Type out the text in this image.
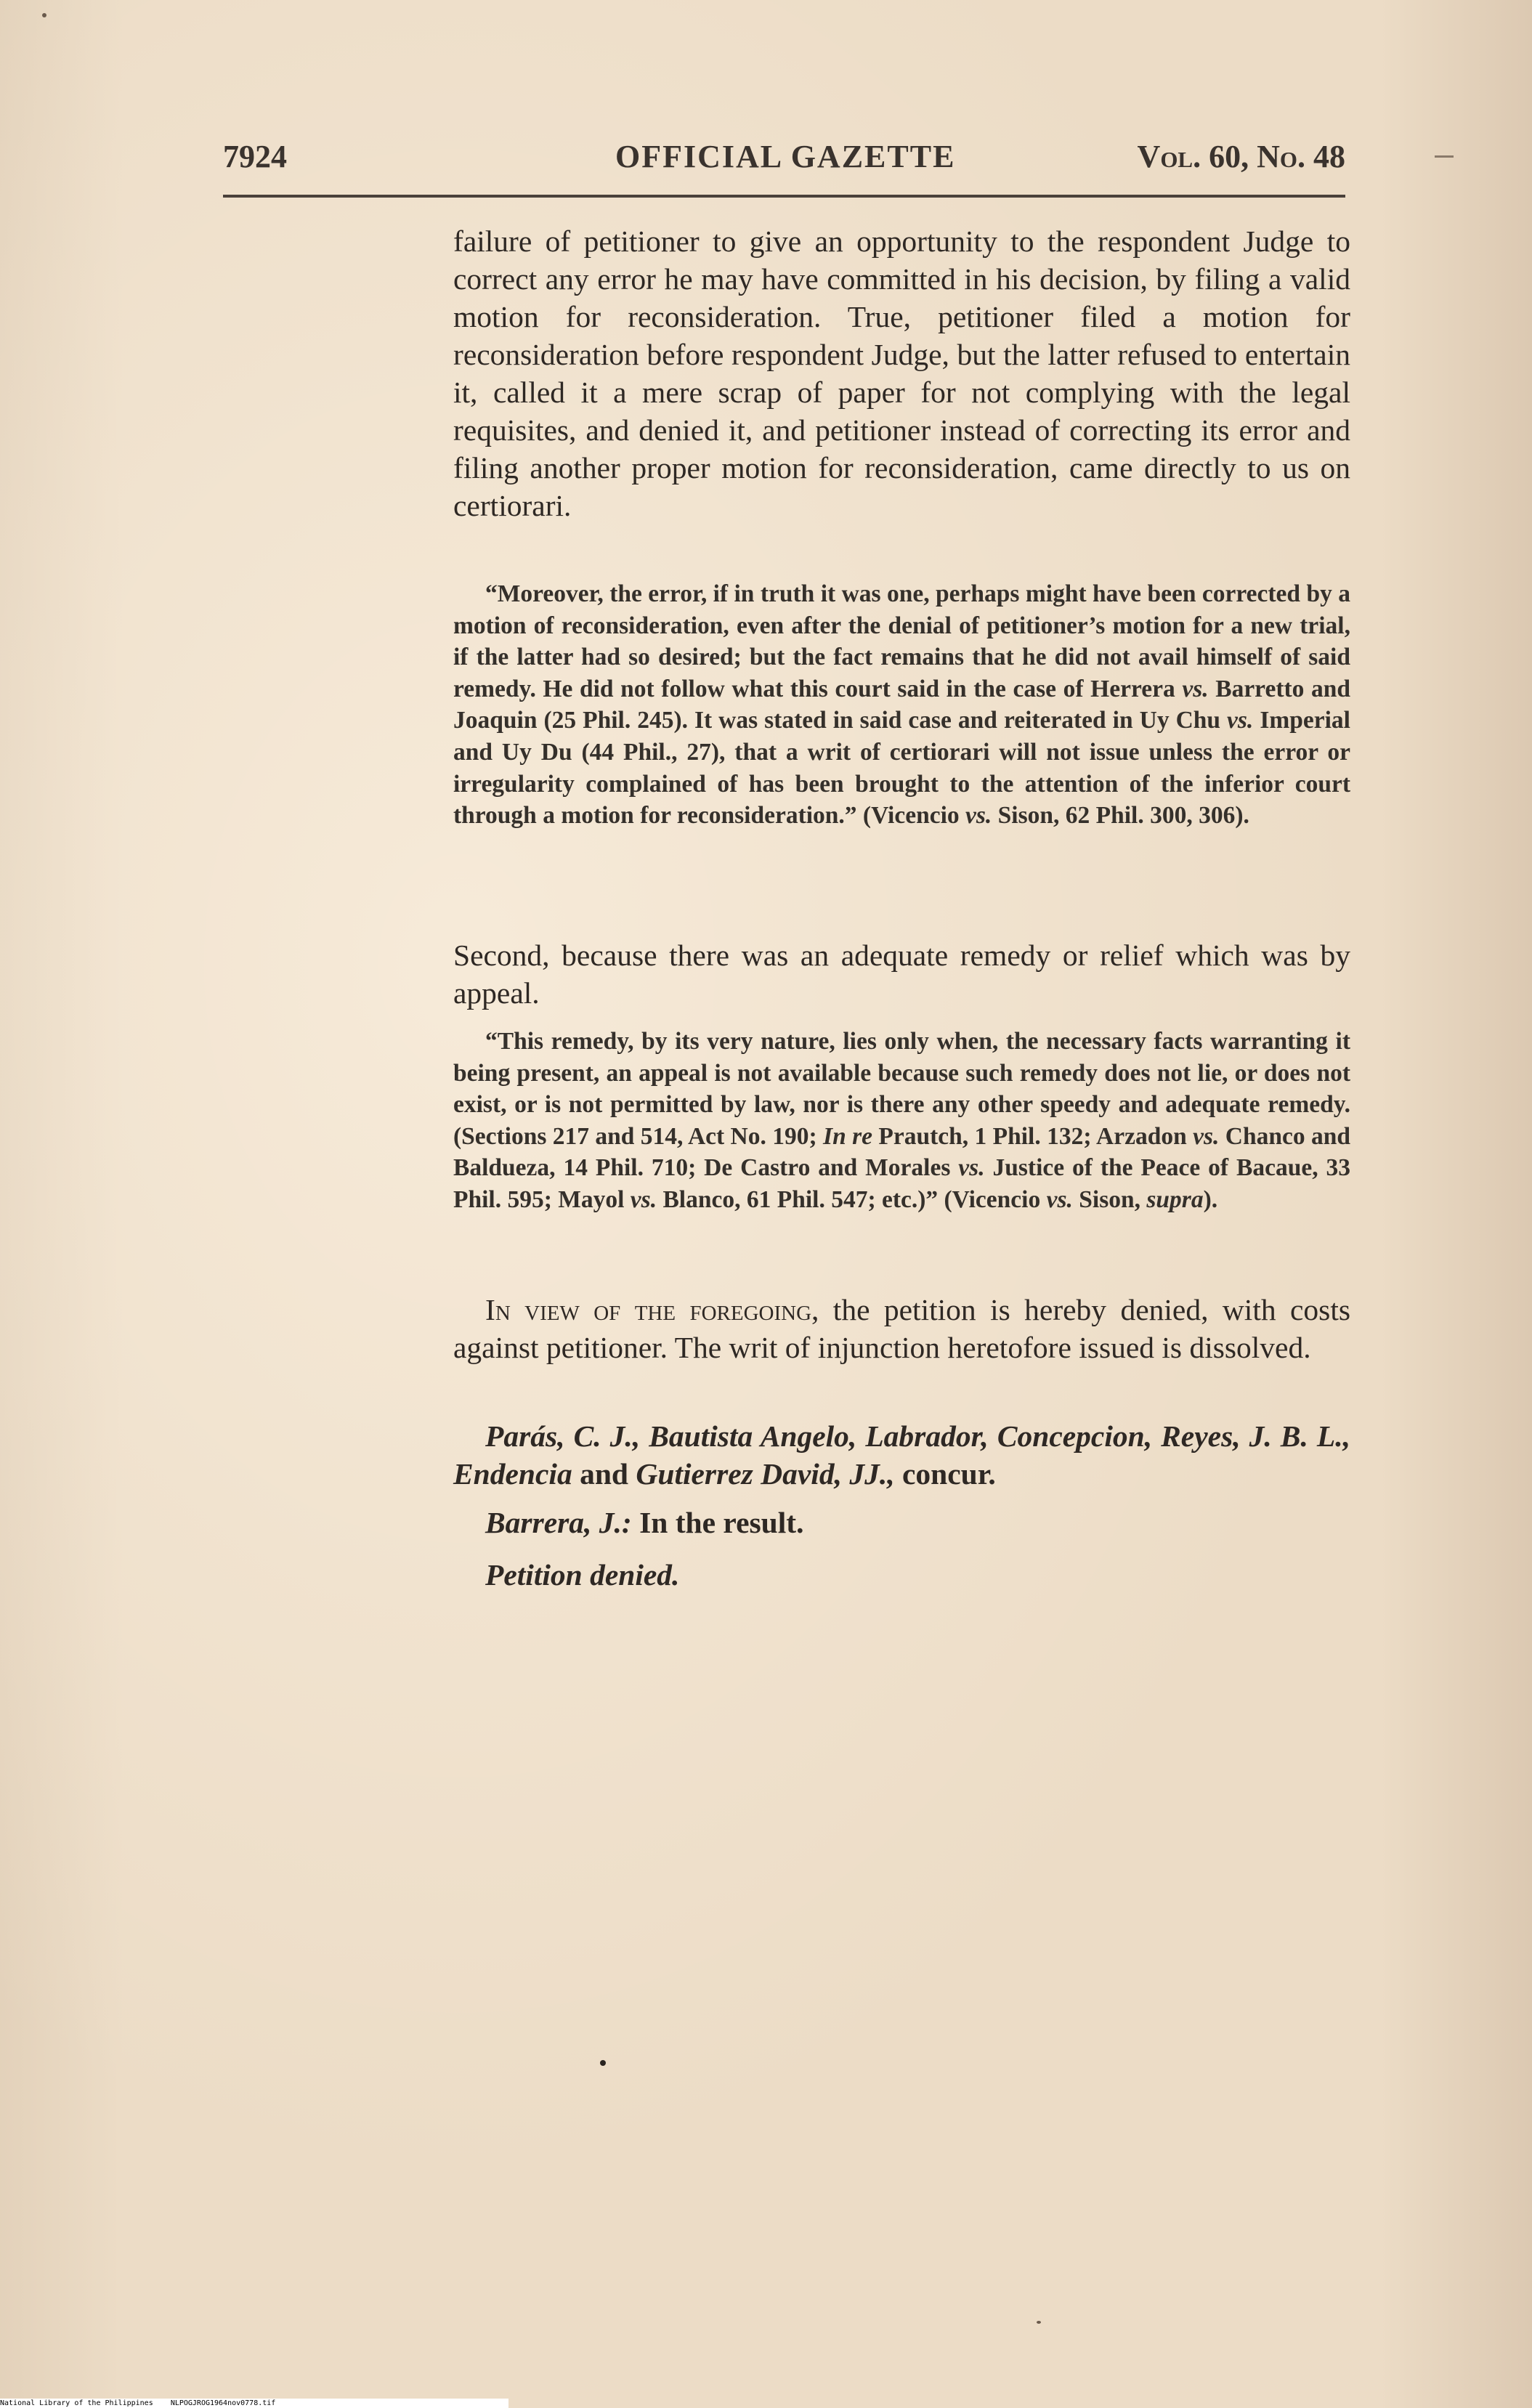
7924	OFFICIAL GAZETTE	Vol. 60, No. 48

failure of petitioner to give an opportunity to the respondent Judge to correct any error he may have committed in his decision, by filing a valid motion for reconsideration. True, petitioner filed a motion for reconsideration before respondent Judge, but the latter refused to entertain it, called it a mere scrap of paper for not complying with the legal requisites, and denied it, and petitioner instead of correcting its error and filing another proper motion for reconsideration, came directly to us on certiorari.

“Moreover, the error, if in truth it was one, perhaps might have been corrected by a motion of reconsideration, even after the denial of petitioner’s motion for a new trial, if the latter had so desired; but the fact remains that he did not avail himself of said remedy. He did not follow what this court said in the case of Herrera vs. Barretto and Joaquin (25 Phil. 245). It was stated in said case and reiterated in Uy Chu vs. Imperial and Uy Du (44 Phil., 27), that a writ of certiorari will not issue unless the error or irregularity complained of has been brought to the attention of the inferior court through a motion for reconsideration.” (Vicencio vs. Sison, 62 Phil. 300, 306).

Second, because there was an adequate remedy or relief which was by appeal.

“This remedy, by its very nature, lies only when, the necessary facts warranting it being present, an appeal is not available because such remedy does not lie, or does not exist, or is not permitted by law, nor is there any other speedy and adequate remedy. (Sections 217 and 514, Act No. 190; In re Prautch, 1 Phil. 132; Arzadon vs. Chanco and Baldueza, 14 Phil. 710; De Castro and Morales vs. Justice of the Peace of Bacaue, 33 Phil. 595; Mayol vs. Blanco, 61 Phil. 547; etc.)” (Vicencio vs. Sison, supra).

In view of the foregoing, the petition is hereby denied, with costs against petitioner. The writ of injunction heretofore issued is dissolved.

Parás, C. J., Bautista Angelo, Labrador, Concepcion, Reyes, J. B. L., Endencia and Gutierrez David, JJ., concur.

Barrera, J.: In the result.

Petition denied.

National Library of the Philippines NLPOGJROG1964nov0778.tif
